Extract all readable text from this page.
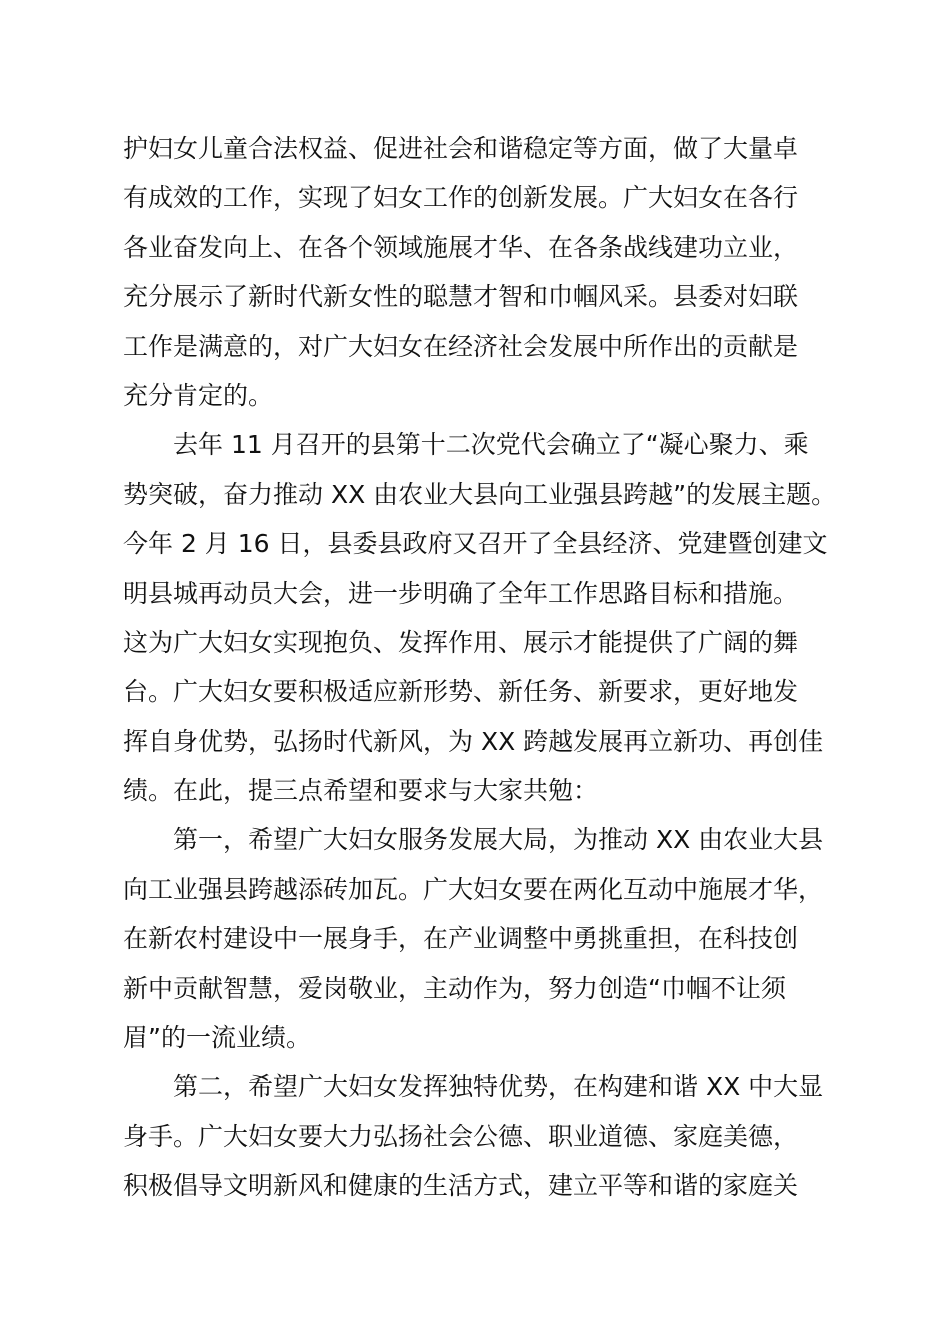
护妇女儿童合法权益、促进社会和谐稳定等方面，做了大量卓
有成效的工作，实现了妇女工作的创新发展。广大妇女在各行
各业奋发向上、在各个领域施展才华、在各条战线建功立业，
充分展示了新时代新女性的聪慧才智和巾帼风采。县委对妇联
工作是满意的，对广大妇女在经济社会发展中所作出的贡献是
充分肯定的。
去年 11 月召开的县第十二次党代会确立了“凝心聚力、乘
势突破，奋力推动 XX 由农业大县向工业强县跨越”的发展主题。
今年 2 月 16 日，县委县政府又召开了全县经济、党建暨创建文
明县城再动员大会，进一步明确了全年工作思路目标和措施。
这为广大妇女实现抱负、发挥作用、展示才能提供了广阔的舞
台。广大妇女要积极适应新形势、新任务、新要求，更好地发
挥自身优势，弘扬时代新风，为 XX 跨越发展再立新功、再创佳
绩。在此，提三点希望和要求与大家共勉：
第一，希望广大妇女服务发展大局，为推动 XX 由农业大县
向工业强县跨越添砖加瓦。广大妇女要在两化互动中施展才华，
在新农村建设中一展身手，在产业调整中勇挑重担，在科技创
新中贡献智慧，爱岗敬业，主动作为，努力创造“巾帼不让须
眉”的一流业绩。
第二，希望广大妇女发挥独特优势，在构建和谐 XX 中大显
身手。广大妇女要大力弘扬社会公德、职业道德、家庭美德，
积极倡导文明新风和健康的生活方式，建立平等和谐的家庭关
